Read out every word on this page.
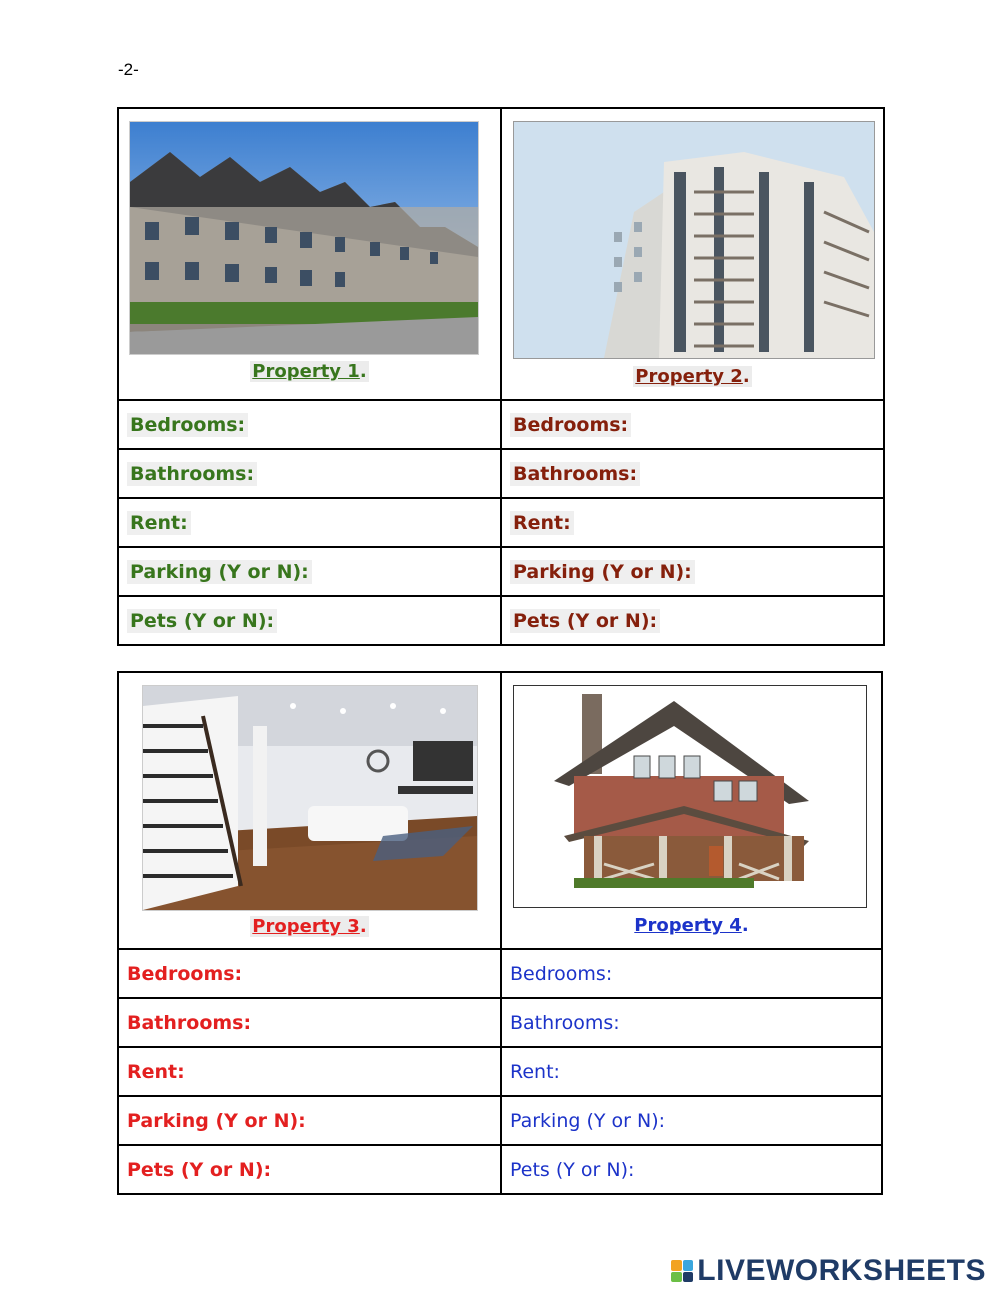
-2-
Property 1.	Property 2.

Bedrooms:	Bedrooms:
Bathrooms:	Bathrooms:
Rent:	Rent:
Parking (Y or N):	Parking (Y or N):
Pets (Y or N):	Pets (Y or N):
Property 3.	Property 4.

Bedrooms:	Bedrooms:
Bathrooms:	Bathrooms:
Rent:	Rent:
Parking (Y or N):	Parking (Y or N):
Pets (Y or N):	Pets (Y or N):
LIVEWORKSHEETS
